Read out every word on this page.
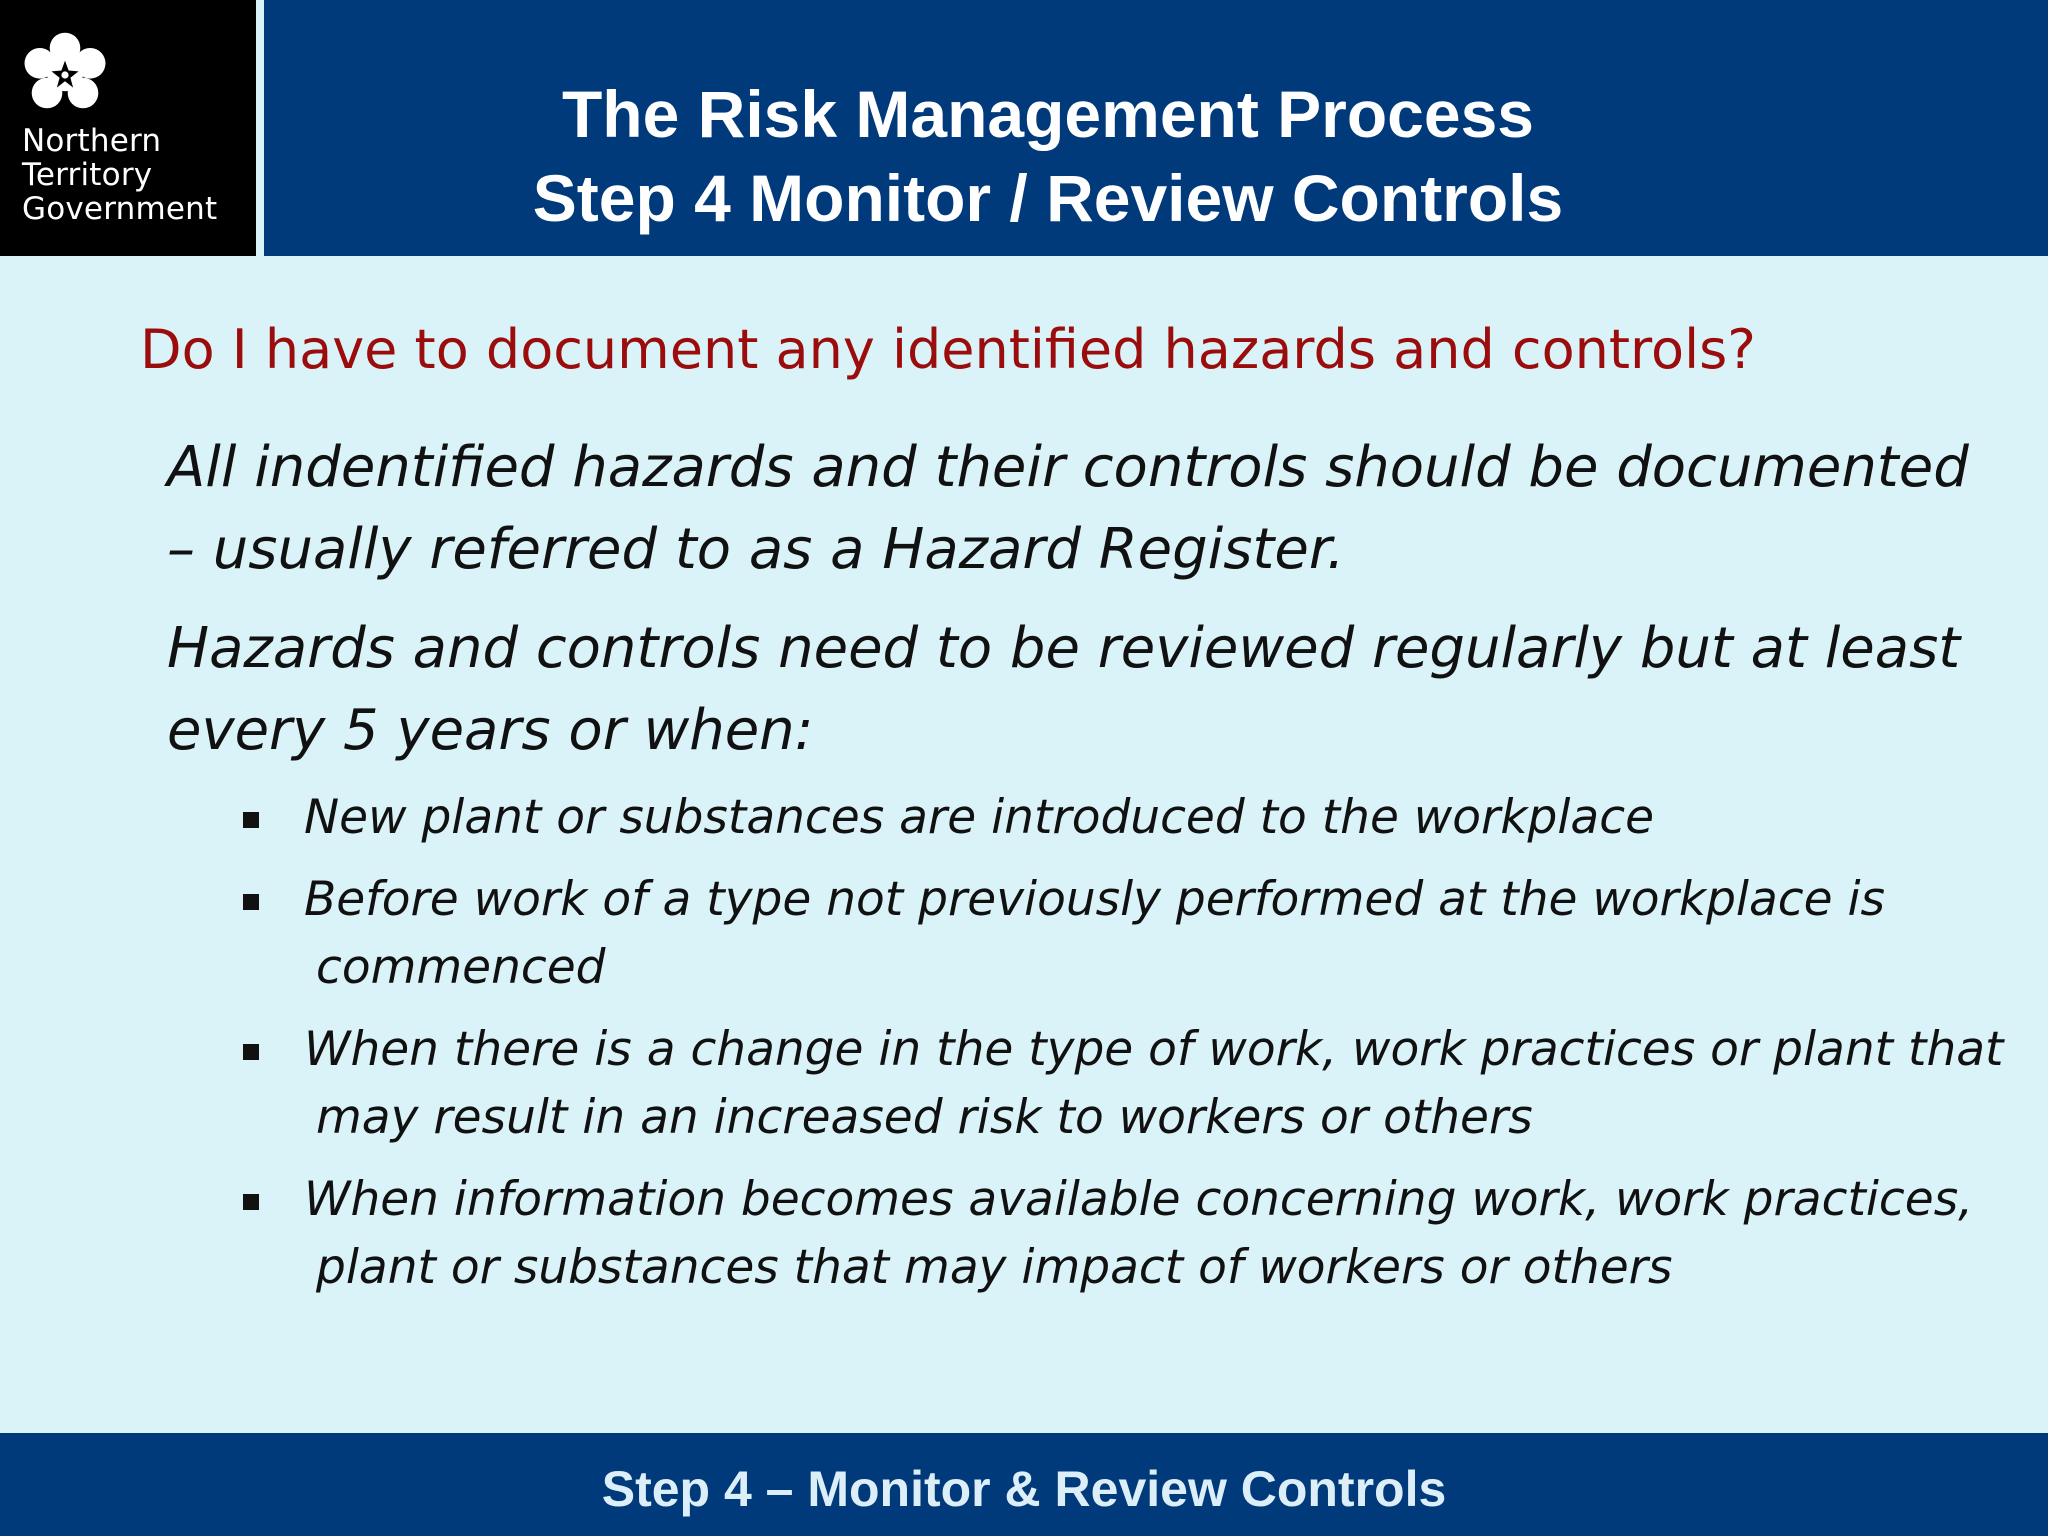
Northern
Territory
Government
The Risk Management Process
Step 4 Monitor / Review Controls
Do I have to document any identified hazards and controls?
All indentified hazards and their controls should be documented
– usually referred to as a Hazard Register.
Hazards and controls need to be reviewed regularly but at least
every 5 years or when:
New plant or substances are introduced to the workplace
Before work of a type not previously performed at the workplace is
commenced
When there is a change in the type of work, work practices or plant that
may result in an increased risk to workers or others
When information becomes available concerning work, work practices,
plant or substances that may impact of workers or others
Step 4 – Monitor & Review Controls
